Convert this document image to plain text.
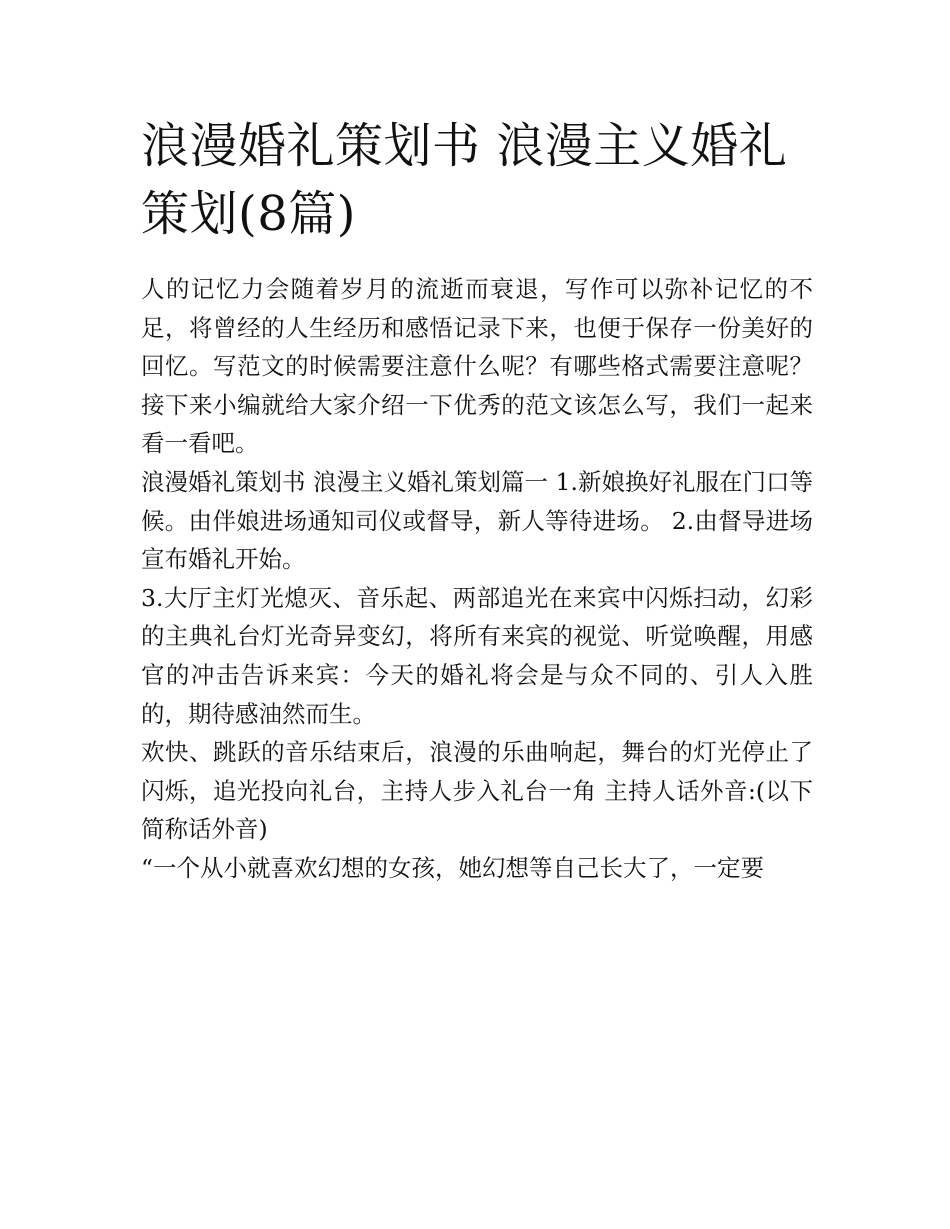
浪漫婚礼策划书 浪漫主义婚礼策划(8篇)

人的记忆力会随着岁月的流逝而衰退，写作可以弥补记忆的不足，将曾经的人生经历和感悟记录下来，也便于保存一份美好的回忆。写范文的时候需要注意什么呢？有哪些格式需要注意呢？接下来小编就给大家介绍一下优秀的范文该怎么写，我们一起来看一看吧。

浪漫婚礼策划书 浪漫主义婚礼策划篇一 1.新娘换好礼服在门口等候。由伴娘进场通知司仪或督导，新人等待进场。 2.由督导进场宣布婚礼开始。

3.大厅主灯光熄灭、音乐起、两部追光在来宾中闪烁扫动，幻彩的主典礼台灯光奇异变幻，将所有来宾的视觉、听觉唤醒，用感官的冲击告诉来宾：今天的婚礼将会是与众不同的、引人入胜的，期待感油然而生。

欢快、跳跃的音乐结束后，浪漫的乐曲响起，舞台的灯光停止了闪烁，追光投向礼台，主持人步入礼台一角 主持人话外音:(以下简称话外音)

“一个从小就喜欢幻想的女孩，她幻想等自己长大了，一定要
